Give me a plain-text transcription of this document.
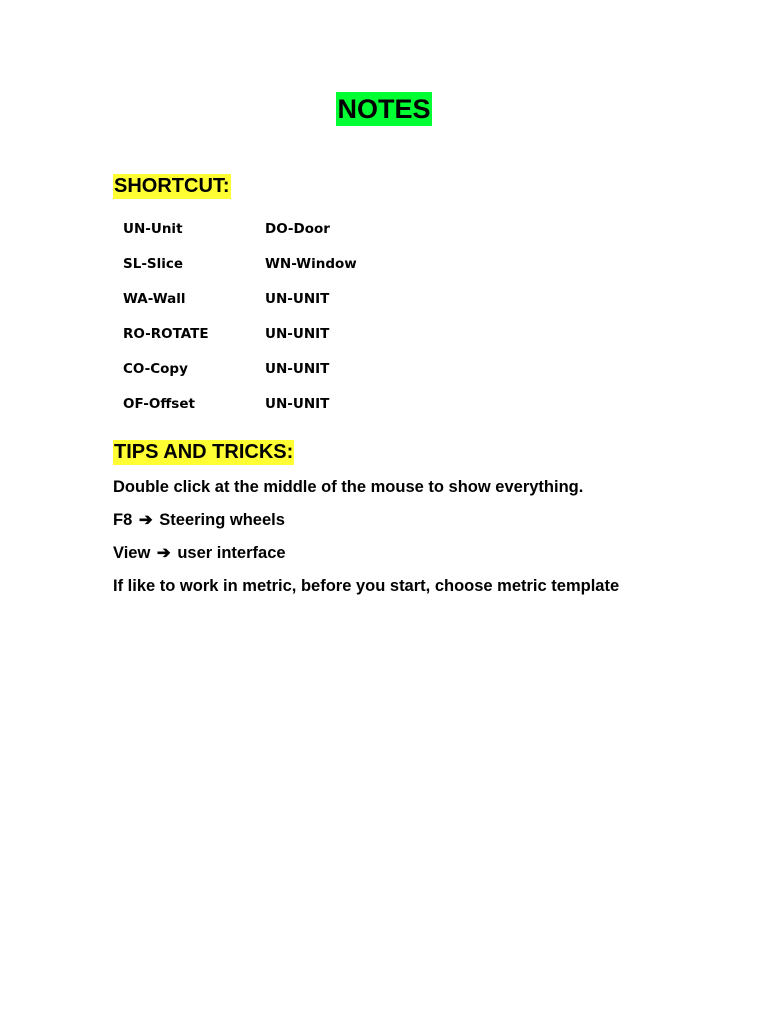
NOTES
SHORTCUT:
UN-Unit	DO-Door
SL-Slice	WN-Window
WA-Wall	UN-UNIT
RO-ROTATE	UN-UNIT
CO-Copy	UN-UNIT
OF-Offset	UN-UNIT
TIPS AND TRICKS:
Double click at the middle of the mouse to show everything.
F8 ➔ Steering wheels
View ➔ user interface
If like to work in metric, before you start, choose metric template
